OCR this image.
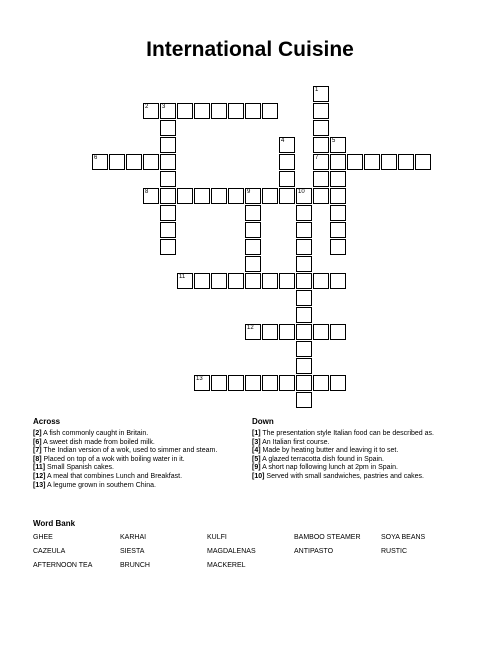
International Cuisine
1
7
2 3
4	5
6
8	9	10
11
12
13
Across
[2] A fish commonly caught in Britain.
[6] A sweet dish made from boiled milk.
[7] The Indian version of a wok, used to simmer and steam.
[8] Placed on top of a wok with boiling water in it.
[11] Small Spanish cakes.
[12] A meal that combines Lunch and Breakfast.
[13] A legume grown in southern China.
Down
[1] The presentation style Italian food can be described as.
[3] An Italian first course.
[4] Made by heating butter and leaving it to set.
[5] A glazed terracotta dish found in Spain.
[9] A short nap following lunch at 2pm in Spain.
[10] Served with small sandwiches, pastries and cakes.
Word Bank
GHEE	KARHAI	KULFI	BAMBOO STEAMER	SOYA BEANS
CAZEULA	SIESTA	MAGDALENAS	ANTIPASTO	RUSTIC
AFTERNOON TEA	BRUNCH	MACKEREL
